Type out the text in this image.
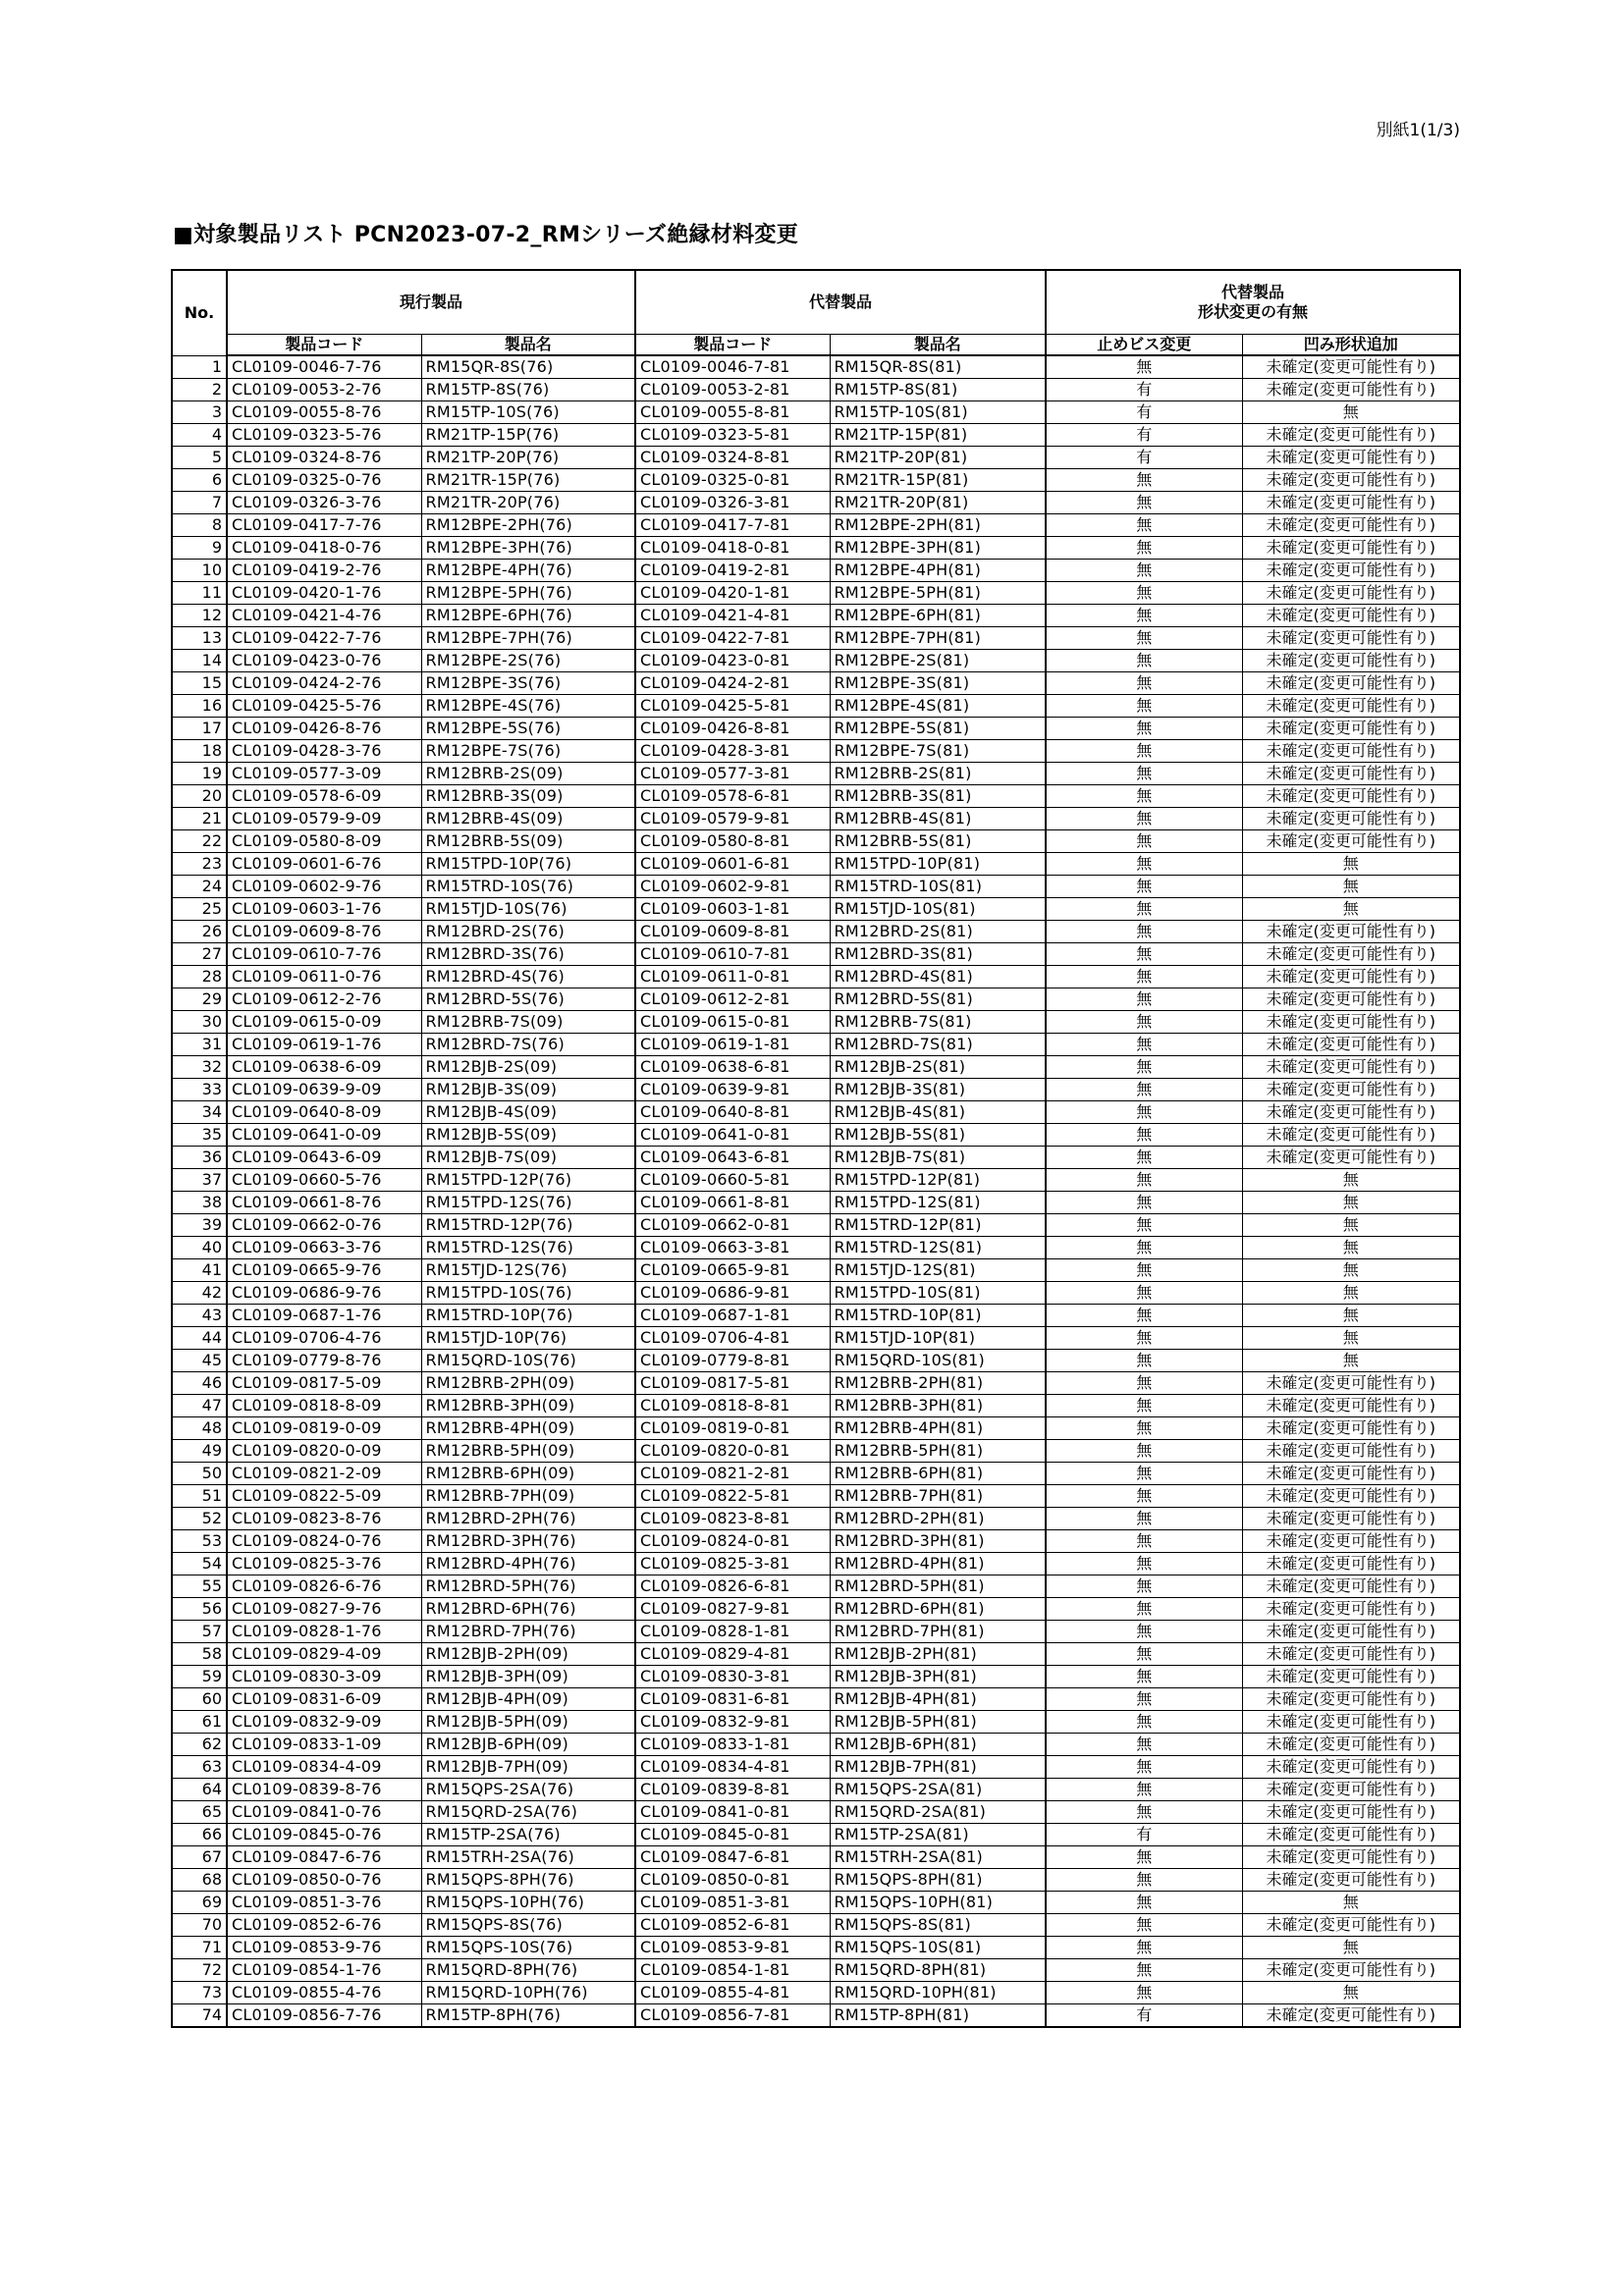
別紙1(1/3)
■対象製品リスト PCN2023-07-2_RMシリーズ絶縁材料変更
No.	現行製品		代替製品		代替製品
形状変更の有無	
	製品コード	製品名	製品コード	製品名	止めビス変更	凹み形状追加
1	CL0109-0046-7-76	RM15QR-8S(76)	CL0109-0046-7-81	RM15QR-8S(81)	無	未確定(変更可能性有り)
2	CL0109-0053-2-76	RM15TP-8S(76)	CL0109-0053-2-81	RM15TP-8S(81)	有	未確定(変更可能性有り)
3	CL0109-0055-8-76	RM15TP-10S(76)	CL0109-0055-8-81	RM15TP-10S(81)	有	無
4	CL0109-0323-5-76	RM21TP-15P(76)	CL0109-0323-5-81	RM21TP-15P(81)	有	未確定(変更可能性有り)
5	CL0109-0324-8-76	RM21TP-20P(76)	CL0109-0324-8-81	RM21TP-20P(81)	有	未確定(変更可能性有り)
6	CL0109-0325-0-76	RM21TR-15P(76)	CL0109-0325-0-81	RM21TR-15P(81)	無	未確定(変更可能性有り)
7	CL0109-0326-3-76	RM21TR-20P(76)	CL0109-0326-3-81	RM21TR-20P(81)	無	未確定(変更可能性有り)
8	CL0109-0417-7-76	RM12BPE-2PH(76)	CL0109-0417-7-81	RM12BPE-2PH(81)	無	未確定(変更可能性有り)
9	CL0109-0418-0-76	RM12BPE-3PH(76)	CL0109-0418-0-81	RM12BPE-3PH(81)	無	未確定(変更可能性有り)
10	CL0109-0419-2-76	RM12BPE-4PH(76)	CL0109-0419-2-81	RM12BPE-4PH(81)	無	未確定(変更可能性有り)
11	CL0109-0420-1-76	RM12BPE-5PH(76)	CL0109-0420-1-81	RM12BPE-5PH(81)	無	未確定(変更可能性有り)
12	CL0109-0421-4-76	RM12BPE-6PH(76)	CL0109-0421-4-81	RM12BPE-6PH(81)	無	未確定(変更可能性有り)
13	CL0109-0422-7-76	RM12BPE-7PH(76)	CL0109-0422-7-81	RM12BPE-7PH(81)	無	未確定(変更可能性有り)
14	CL0109-0423-0-76	RM12BPE-2S(76)	CL0109-0423-0-81	RM12BPE-2S(81)	無	未確定(変更可能性有り)
15	CL0109-0424-2-76	RM12BPE-3S(76)	CL0109-0424-2-81	RM12BPE-3S(81)	無	未確定(変更可能性有り)
16	CL0109-0425-5-76	RM12BPE-4S(76)	CL0109-0425-5-81	RM12BPE-4S(81)	無	未確定(変更可能性有り)
17	CL0109-0426-8-76	RM12BPE-5S(76)	CL0109-0426-8-81	RM12BPE-5S(81)	無	未確定(変更可能性有り)
18	CL0109-0428-3-76	RM12BPE-7S(76)	CL0109-0428-3-81	RM12BPE-7S(81)	無	未確定(変更可能性有り)
19	CL0109-0577-3-09	RM12BRB-2S(09)	CL0109-0577-3-81	RM12BRB-2S(81)	無	未確定(変更可能性有り)
20	CL0109-0578-6-09	RM12BRB-3S(09)	CL0109-0578-6-81	RM12BRB-3S(81)	無	未確定(変更可能性有り)
21	CL0109-0579-9-09	RM12BRB-4S(09)	CL0109-0579-9-81	RM12BRB-4S(81)	無	未確定(変更可能性有り)
22	CL0109-0580-8-09	RM12BRB-5S(09)	CL0109-0580-8-81	RM12BRB-5S(81)	無	未確定(変更可能性有り)
23	CL0109-0601-6-76	RM15TPD-10P(76)	CL0109-0601-6-81	RM15TPD-10P(81)	無	無
24	CL0109-0602-9-76	RM15TRD-10S(76)	CL0109-0602-9-81	RM15TRD-10S(81)	無	無
25	CL0109-0603-1-76	RM15TJD-10S(76)	CL0109-0603-1-81	RM15TJD-10S(81)	無	無
26	CL0109-0609-8-76	RM12BRD-2S(76)	CL0109-0609-8-81	RM12BRD-2S(81)	無	未確定(変更可能性有り)
27	CL0109-0610-7-76	RM12BRD-3S(76)	CL0109-0610-7-81	RM12BRD-3S(81)	無	未確定(変更可能性有り)
28	CL0109-0611-0-76	RM12BRD-4S(76)	CL0109-0611-0-81	RM12BRD-4S(81)	無	未確定(変更可能性有り)
29	CL0109-0612-2-76	RM12BRD-5S(76)	CL0109-0612-2-81	RM12BRD-5S(81)	無	未確定(変更可能性有り)
30	CL0109-0615-0-09	RM12BRB-7S(09)	CL0109-0615-0-81	RM12BRB-7S(81)	無	未確定(変更可能性有り)
31	CL0109-0619-1-76	RM12BRD-7S(76)	CL0109-0619-1-81	RM12BRD-7S(81)	無	未確定(変更可能性有り)
32	CL0109-0638-6-09	RM12BJB-2S(09)	CL0109-0638-6-81	RM12BJB-2S(81)	無	未確定(変更可能性有り)
33	CL0109-0639-9-09	RM12BJB-3S(09)	CL0109-0639-9-81	RM12BJB-3S(81)	無	未確定(変更可能性有り)
34	CL0109-0640-8-09	RM12BJB-4S(09)	CL0109-0640-8-81	RM12BJB-4S(81)	無	未確定(変更可能性有り)
35	CL0109-0641-0-09	RM12BJB-5S(09)	CL0109-0641-0-81	RM12BJB-5S(81)	無	未確定(変更可能性有り)
36	CL0109-0643-6-09	RM12BJB-7S(09)	CL0109-0643-6-81	RM12BJB-7S(81)	無	未確定(変更可能性有り)
37	CL0109-0660-5-76	RM15TPD-12P(76)	CL0109-0660-5-81	RM15TPD-12P(81)	無	無
38	CL0109-0661-8-76	RM15TPD-12S(76)	CL0109-0661-8-81	RM15TPD-12S(81)	無	無
39	CL0109-0662-0-76	RM15TRD-12P(76)	CL0109-0662-0-81	RM15TRD-12P(81)	無	無
40	CL0109-0663-3-76	RM15TRD-12S(76)	CL0109-0663-3-81	RM15TRD-12S(81)	無	無
41	CL0109-0665-9-76	RM15TJD-12S(76)	CL0109-0665-9-81	RM15TJD-12S(81)	無	無
42	CL0109-0686-9-76	RM15TPD-10S(76)	CL0109-0686-9-81	RM15TPD-10S(81)	無	無
43	CL0109-0687-1-76	RM15TRD-10P(76)	CL0109-0687-1-81	RM15TRD-10P(81)	無	無
44	CL0109-0706-4-76	RM15TJD-10P(76)	CL0109-0706-4-81	RM15TJD-10P(81)	無	無
45	CL0109-0779-8-76	RM15QRD-10S(76)	CL0109-0779-8-81	RM15QRD-10S(81)	無	無
46	CL0109-0817-5-09	RM12BRB-2PH(09)	CL0109-0817-5-81	RM12BRB-2PH(81)	無	未確定(変更可能性有り)
47	CL0109-0818-8-09	RM12BRB-3PH(09)	CL0109-0818-8-81	RM12BRB-3PH(81)	無	未確定(変更可能性有り)
48	CL0109-0819-0-09	RM12BRB-4PH(09)	CL0109-0819-0-81	RM12BRB-4PH(81)	無	未確定(変更可能性有り)
49	CL0109-0820-0-09	RM12BRB-5PH(09)	CL0109-0820-0-81	RM12BRB-5PH(81)	無	未確定(変更可能性有り)
50	CL0109-0821-2-09	RM12BRB-6PH(09)	CL0109-0821-2-81	RM12BRB-6PH(81)	無	未確定(変更可能性有り)
51	CL0109-0822-5-09	RM12BRB-7PH(09)	CL0109-0822-5-81	RM12BRB-7PH(81)	無	未確定(変更可能性有り)
52	CL0109-0823-8-76	RM12BRD-2PH(76)	CL0109-0823-8-81	RM12BRD-2PH(81)	無	未確定(変更可能性有り)
53	CL0109-0824-0-76	RM12BRD-3PH(76)	CL0109-0824-0-81	RM12BRD-3PH(81)	無	未確定(変更可能性有り)
54	CL0109-0825-3-76	RM12BRD-4PH(76)	CL0109-0825-3-81	RM12BRD-4PH(81)	無	未確定(変更可能性有り)
55	CL0109-0826-6-76	RM12BRD-5PH(76)	CL0109-0826-6-81	RM12BRD-5PH(81)	無	未確定(変更可能性有り)
56	CL0109-0827-9-76	RM12BRD-6PH(76)	CL0109-0827-9-81	RM12BRD-6PH(81)	無	未確定(変更可能性有り)
57	CL0109-0828-1-76	RM12BRD-7PH(76)	CL0109-0828-1-81	RM12BRD-7PH(81)	無	未確定(変更可能性有り)
58	CL0109-0829-4-09	RM12BJB-2PH(09)	CL0109-0829-4-81	RM12BJB-2PH(81)	無	未確定(変更可能性有り)
59	CL0109-0830-3-09	RM12BJB-3PH(09)	CL0109-0830-3-81	RM12BJB-3PH(81)	無	未確定(変更可能性有り)
60	CL0109-0831-6-09	RM12BJB-4PH(09)	CL0109-0831-6-81	RM12BJB-4PH(81)	無	未確定(変更可能性有り)
61	CL0109-0832-9-09	RM12BJB-5PH(09)	CL0109-0832-9-81	RM12BJB-5PH(81)	無	未確定(変更可能性有り)
62	CL0109-0833-1-09	RM12BJB-6PH(09)	CL0109-0833-1-81	RM12BJB-6PH(81)	無	未確定(変更可能性有り)
63	CL0109-0834-4-09	RM12BJB-7PH(09)	CL0109-0834-4-81	RM12BJB-7PH(81)	無	未確定(変更可能性有り)
64	CL0109-0839-8-76	RM15QPS-2SA(76)	CL0109-0839-8-81	RM15QPS-2SA(81)	無	未確定(変更可能性有り)
65	CL0109-0841-0-76	RM15QRD-2SA(76)	CL0109-0841-0-81	RM15QRD-2SA(81)	無	未確定(変更可能性有り)
66	CL0109-0845-0-76	RM15TP-2SA(76)	CL0109-0845-0-81	RM15TP-2SA(81)	有	未確定(変更可能性有り)
67	CL0109-0847-6-76	RM15TRH-2SA(76)	CL0109-0847-6-81	RM15TRH-2SA(81)	無	未確定(変更可能性有り)
68	CL0109-0850-0-76	RM15QPS-8PH(76)	CL0109-0850-0-81	RM15QPS-8PH(81)	無	未確定(変更可能性有り)
69	CL0109-0851-3-76	RM15QPS-10PH(76)	CL0109-0851-3-81	RM15QPS-10PH(81)	無	無
70	CL0109-0852-6-76	RM15QPS-8S(76)	CL0109-0852-6-81	RM15QPS-8S(81)	無	未確定(変更可能性有り)
71	CL0109-0853-9-76	RM15QPS-10S(76)	CL0109-0853-9-81	RM15QPS-10S(81)	無	無
72	CL0109-0854-1-76	RM15QRD-8PH(76)	CL0109-0854-1-81	RM15QRD-8PH(81)	無	未確定(変更可能性有り)
73	CL0109-0855-4-76	RM15QRD-10PH(76)	CL0109-0855-4-81	RM15QRD-10PH(81)	無	無
74	CL0109-0856-7-76	RM15TP-8PH(76)	CL0109-0856-7-81	RM15TP-8PH(81)	有	未確定(変更可能性有り)
